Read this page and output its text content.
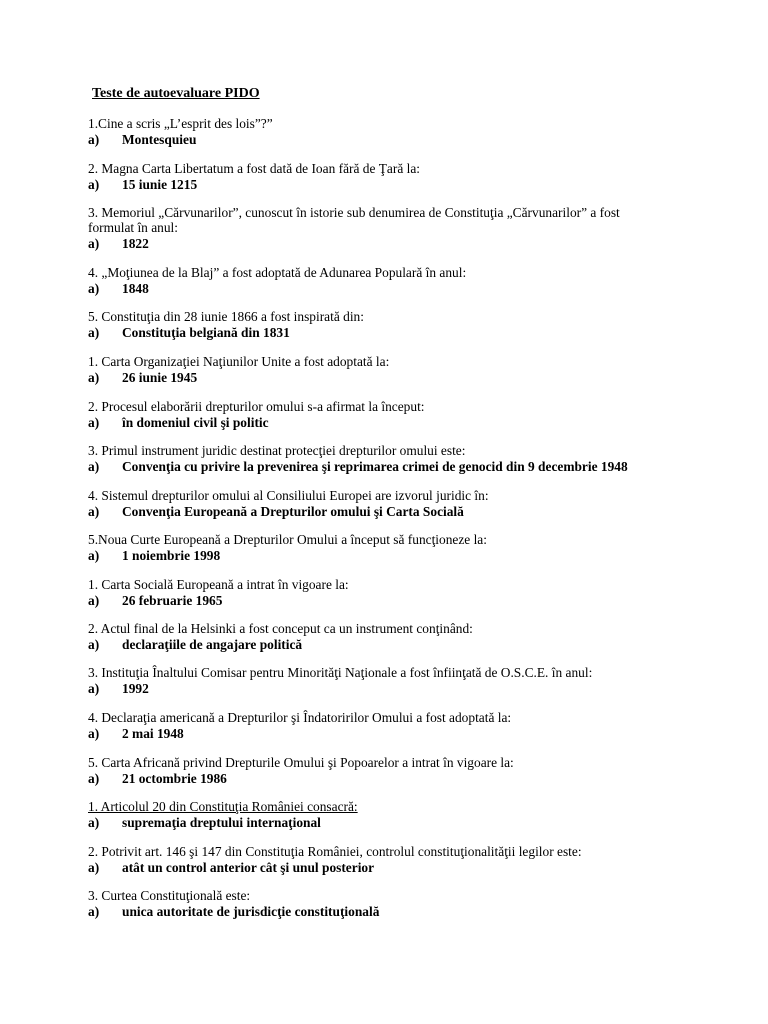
Teste de autoevaluare PIDO
1.Cine a scris „L’esprit des lois”?”
a)	Montesquieu
2. Magna Carta Libertatum a fost dată de Ioan fără de Ţară la:
a)	15 iunie 1215
3. Memoriul „Cărvunarilor”, cunoscut în istorie sub denumirea de Constituţia „Cărvunarilor” a fost formulat în anul:
a)	1822
4. „Moţiunea de la Blaj” a fost adoptată de Adunarea Populară în anul:
a)	1848
5. Constituţia din 28 iunie 1866 a fost inspirată din:
a)	Constituţia belgiană din 1831
1. Carta Organizaţiei Naţiunilor Unite a fost adoptată la:
a)	26 iunie 1945
2. Procesul elaborării drepturilor omului s-a afirmat la început:
a)	în domeniul civil şi politic
3. Primul instrument juridic destinat protecţiei drepturilor omului este:
a)	Convenţia cu privire la prevenirea şi reprimarea crimei de genocid din 9 decembrie 1948
4. Sistemul drepturilor omului al Consiliului Europei are izvorul juridic în:
a)	Convenţia Europeană a Drepturilor omului şi Carta Socială
5.Noua Curte Europeană a Drepturilor Omului a început să funcţioneze la:
a)	1 noiembrie 1998
1. Carta Socială Europeană a intrat în vigoare la:
a)	26 februarie 1965
2. Actul final de la Helsinki a fost conceput ca un instrument conţinând:
a)	declaraţiile de angajare politică
3. Instituţia Înaltului Comisar pentru Minorităţi Naţionale a fost înfiinţată de O.S.C.E. în anul:
a)	1992
4. Declaraţia americană a Drepturilor şi Îndatoririlor Omului a fost adoptată la:
a)	2 mai 1948
5. Carta Africană privind Drepturile Omului şi Popoarelor a intrat în vigoare la:
a)	21 octombrie 1986
1. Articolul 20 din Constituţia României consacră:
a)	supremaţia dreptului internaţional
2. Potrivit art. 146 şi 147 din Constituţia României, controlul constituţionalităţii legilor este:
a)	atât un control anterior cât şi unul posterior
3. Curtea Constituţională este:
a)	unica autoritate de jurisdicţie constituţională
